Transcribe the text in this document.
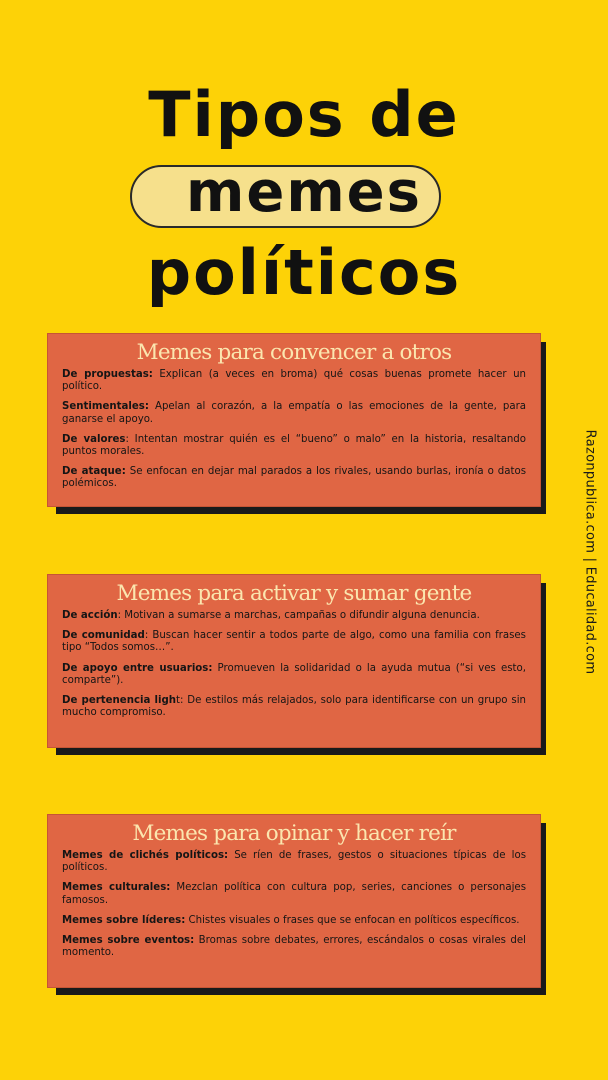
Tipos de
memes
políticos
Memes para convencer a otros
De propuestas: Explican (a veces en broma) qué cosas buenas promete hacer un político.
Sentimentales: Apelan al corazón, a la empatía o las emociones de la gente, para ganarse el apoyo.
De valores: Intentan mostrar quién es el “bueno” o malo” en la historia, resaltando puntos morales.
De ataque: Se enfocan en dejar mal parados a los rivales, usando burlas, ironía o datos polémicos.
Memes para activar y sumar gente
De acción: Motivan a sumarse a marchas, campañas o difundir alguna denuncia.
De comunidad: Buscan hacer sentir a todos parte de algo, como una familia con frases tipo “Todos somos…”.
De apoyo entre usuarios: Promueven la solidaridad o la ayuda mutua (“si ves esto, comparte”).
De pertenencia light: De estilos más relajados, solo para identificarse con un grupo sin mucho compromiso.
Memes para opinar y hacer reír
Memes de clichés políticos: Se ríen de frases, gestos o situaciones típicas de los políticos.
Memes culturales: Mezclan política con cultura pop, series, canciones o personajes famosos.
Memes sobre líderes: Chistes visuales o frases que se enfocan en políticos específicos.
Memes sobre eventos: Bromas sobre debates, errores, escándalos o cosas virales del momento.
Razonpublica.com | Educalidad.com
